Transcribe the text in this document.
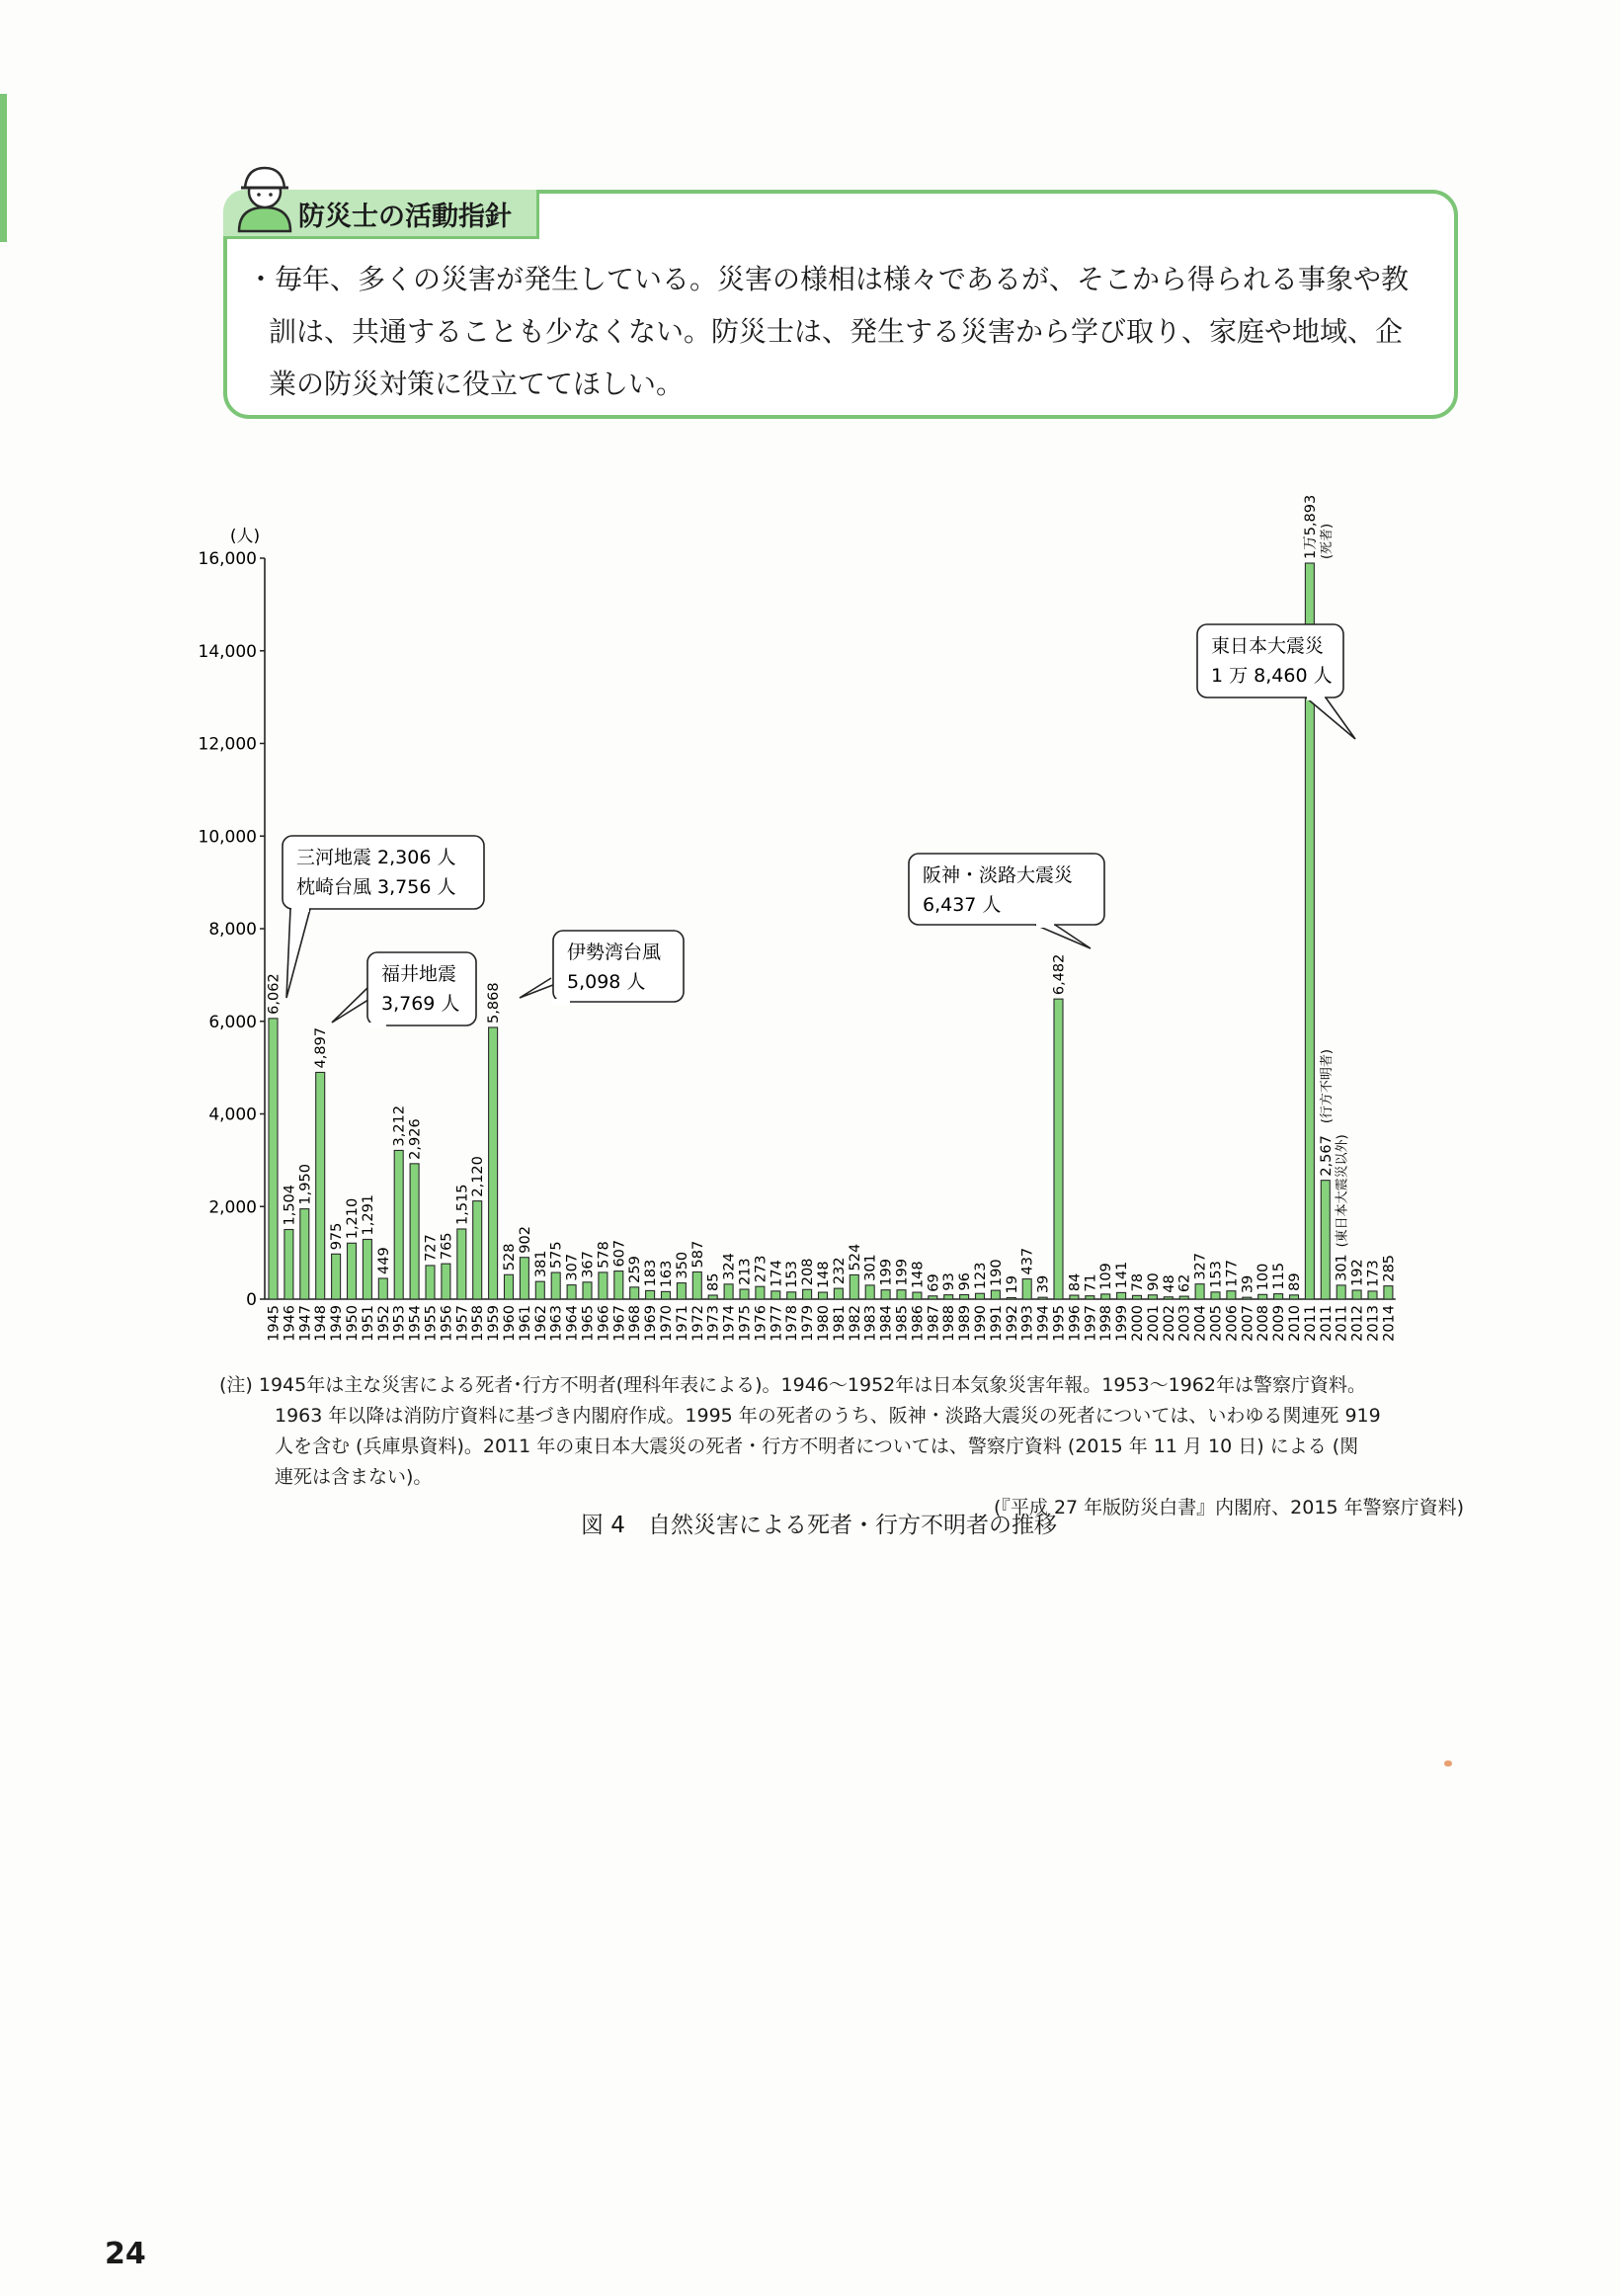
防災士の活動指針

・毎年、多くの災害が発生している。災害の様相は様々であるが、そこから得られる事象や教

訓は、共通することも少なくない。防災士は、発生する災害から学び取り、家庭や地域、企

業の防災対策に役立ててほしい。

(人)
0
2,000
4,000
6,000
8,000
10,000
12,000
14,000
16,000
6,062
1945
1,504
1946
1,950
1947
4,897
1948
975
1949
1,210
1950
1,291
1951
449
1952
3,212
1953
2,926
1954
727
1955
765
1956
1,515
1957
2,120
1958
5,868
1959
528
1960
902
1961
381
1962
575
1963
307
1964
367
1965
578
1966
607
1967
259
1968
183
1969
163
1970
350
1971
587
1972
85
1973
324
1974
213
1975
273
1976
174
1977
153
1978
208
1979
148
1980
232
1981
524
1982
301
1983
199
1984
199
1985
148
1986
69
1987
93
1988
96
1989
123
1990
190
1991
19
1992
437
1993
39
1994
6,482
1995
84
1996
71
1997
109
1998
141
1999
78
2000
90
2001
48
2002
62
2003
327
2004
153
2005
177
2006
39
2007
100
2008
115
2009
89
2010
1万5,893
2011
(死者)
2,567
2011
(行方不明者)
301
2011
(東日本大震災以外)
192
2012
173
2013
285
2014
三河地震 2,306 人
枕崎台風 3,756 人
福井地震
3,769 人
伊勢湾台風
5,098 人
阪神・淡路大震災
6,437 人
東日本大震災
1 万 8,460 人

(注) 1945年は主な災害による死者･行方不明者(理科年表による)。1946～1952年は日本気象災害年報。1953～1962年は警察庁資料。

1963 年以降は消防庁資料に基づき内閣府作成。1995 年の死者のうち、阪神・淡路大震災の死者については、いわゆる関連死 919

人を含む (兵庫県資料)。2011 年の東日本大震災の死者・行方不明者については、警察庁資料 (2015 年 11 月 10 日) による (関

連死は含まない)。

(『平成 27 年版防災白書』内閣府、2015 年警察庁資料)

図 4　自然災害による死者・行方不明者の推移
24
